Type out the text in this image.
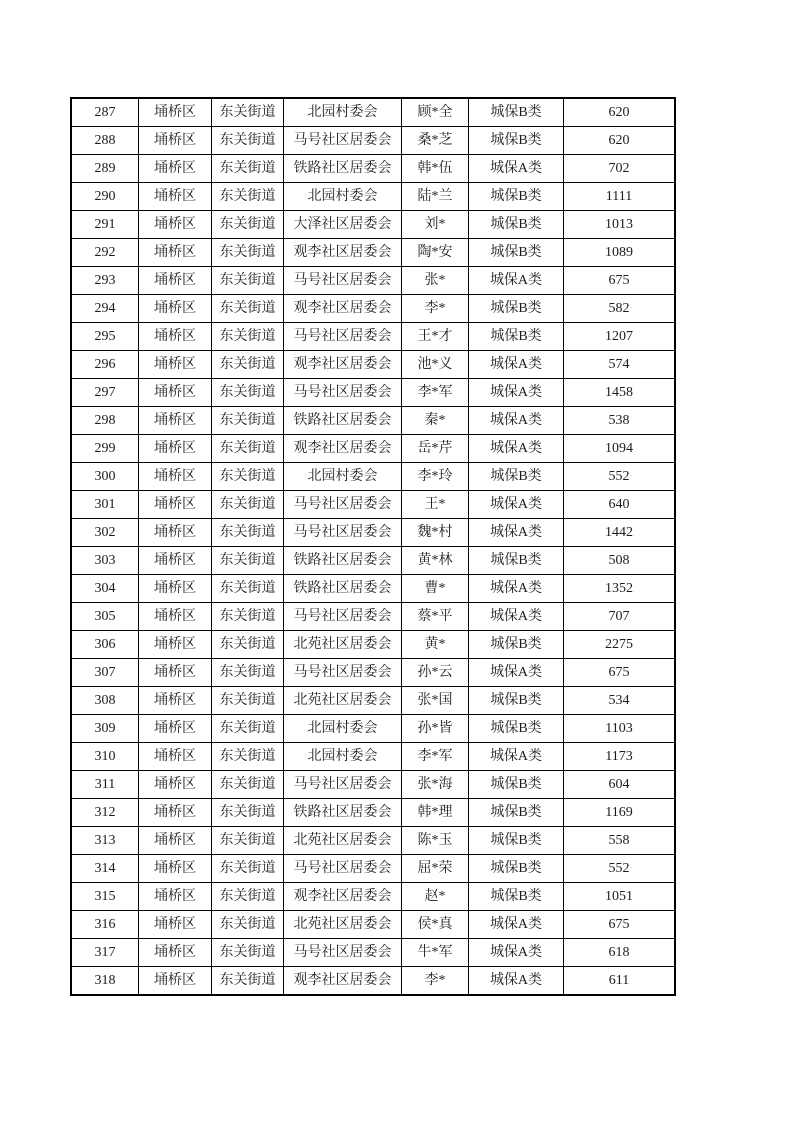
287	埇桥区	东关街道	北园村委会	顾*全	城保B类	620
288	埇桥区	东关街道	马号社区居委会	桑*芝	城保B类	620
289	埇桥区	东关街道	铁路社区居委会	韩*伍	城保A类	702
290	埇桥区	东关街道	北园村委会	陆*兰	城保B类	1111
291	埇桥区	东关街道	大泽社区居委会	刘*	城保B类	1013
292	埇桥区	东关街道	观李社区居委会	陶*安	城保B类	1089
293	埇桥区	东关街道	马号社区居委会	张*	城保A类	675
294	埇桥区	东关街道	观李社区居委会	李*	城保B类	582
295	埇桥区	东关街道	马号社区居委会	王*才	城保B类	1207
296	埇桥区	东关街道	观李社区居委会	池*义	城保A类	574
297	埇桥区	东关街道	马号社区居委会	李*军	城保A类	1458
298	埇桥区	东关街道	铁路社区居委会	秦*	城保A类	538
299	埇桥区	东关街道	观李社区居委会	岳*芹	城保A类	1094
300	埇桥区	东关街道	北园村委会	李*玲	城保B类	552
301	埇桥区	东关街道	马号社区居委会	王*	城保A类	640
302	埇桥区	东关街道	马号社区居委会	魏*村	城保A类	1442
303	埇桥区	东关街道	铁路社区居委会	黄*林	城保B类	508
304	埇桥区	东关街道	铁路社区居委会	曹*	城保A类	1352
305	埇桥区	东关街道	马号社区居委会	蔡*平	城保A类	707
306	埇桥区	东关街道	北苑社区居委会	黄*	城保B类	2275
307	埇桥区	东关街道	马号社区居委会	孙*云	城保A类	675
308	埇桥区	东关街道	北苑社区居委会	张*国	城保B类	534
309	埇桥区	东关街道	北园村委会	孙*皆	城保B类	1103
310	埇桥区	东关街道	北园村委会	李*军	城保A类	1173
311	埇桥区	东关街道	马号社区居委会	张*海	城保B类	604
312	埇桥区	东关街道	铁路社区居委会	韩*理	城保B类	1169
313	埇桥区	东关街道	北苑社区居委会	陈*玉	城保B类	558
314	埇桥区	东关街道	马号社区居委会	屈*荣	城保B类	552
315	埇桥区	东关街道	观李社区居委会	赵*	城保B类	1051
316	埇桥区	东关街道	北苑社区居委会	侯*真	城保A类	675
317	埇桥区	东关街道	马号社区居委会	牛*军	城保A类	618
318	埇桥区	东关街道	观李社区居委会	李*	城保A类	611
